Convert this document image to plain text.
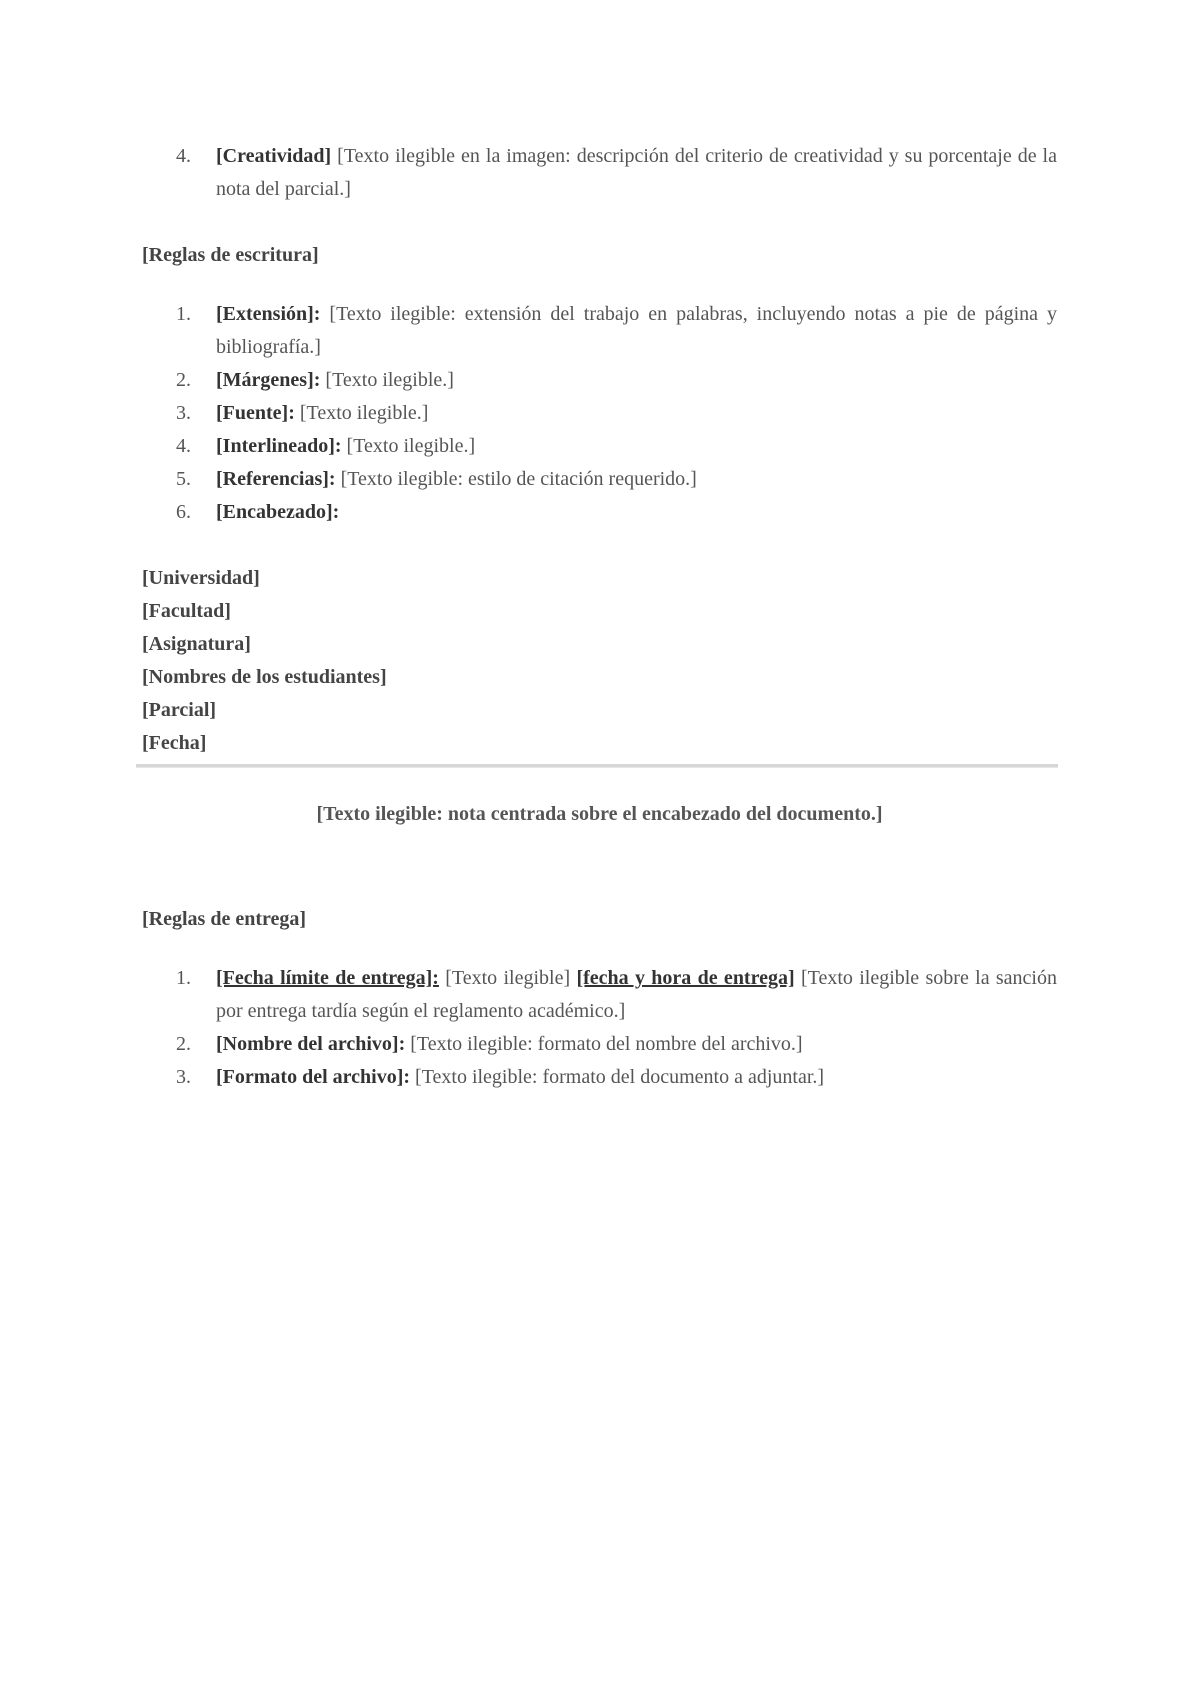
4.	[Creatividad] [Texto ilegible en la imagen: descripción del criterio de creatividad y su porcentaje de la nota del parcial.]
[Reglas de escritura]
1.	[Extensión]: [Texto ilegible: extensión del trabajo en palabras, incluyendo notas a pie de página y bibliografía.]
2.	[Márgenes]: [Texto ilegible.]
3.	[Fuente]: [Texto ilegible.]
4.	[Interlineado]: [Texto ilegible.]
5.	[Referencias]: [Texto ilegible: estilo de citación requerido.]
6.	[Encabezado]:
[Universidad]
[Facultad]
[Asignatura]
[Nombres de los estudiantes]
[Parcial]
[Fecha]
[Texto ilegible: nota centrada sobre el encabezado del documento.]
[Reglas de entrega]
1.	[Fecha límite de entrega]: [Texto ilegible] [fecha y hora de entrega] [Texto ilegible sobre la sanción por entrega tardía según el reglamento académico.]
2.	[Nombre del archivo]: [Texto ilegible: formato del nombre del archivo.]
3.	[Formato del archivo]: [Texto ilegible: formato del documento a adjuntar.]
